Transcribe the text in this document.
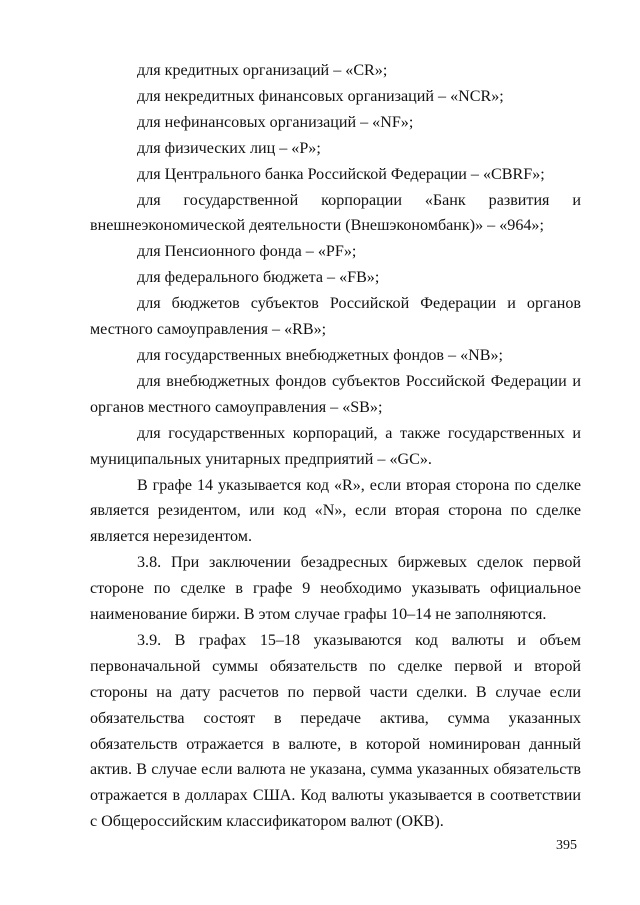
для кредитных организаций – «CR»;

для некредитных финансовых организаций – «NCR»;

для нефинансовых организаций – «NF»;

для физических лиц – «P»;

для Центрального банка Российской Федерации – «CBRF»;

для государственной корпорации «Банк развития и внешнеэкономической деятельности (Внешэкономбанк)» – «964»;

для Пенсионного фонда – «PF»;

для федерального бюджета – «FB»;

для бюджетов субъектов Российской Федерации и органов местного самоуправления – «RB»;

для государственных внебюджетных фондов – «NB»;

для внебюджетных фондов субъектов Российской Федерации и органов местного самоуправления – «SB»;

для государственных корпораций, а также государственных и муниципальных унитарных предприятий – «GC».

В графе 14 указывается код «R», если вторая сторона по сделке является резидентом, или код «N», если вторая сторона по сделке является нерезидентом.

3.8. При заключении безадресных биржевых сделок первой стороне по сделке в графе 9 необходимо указывать официальное наименование биржи. В этом случае графы 10–14 не заполняются.

3.9. В графах 15–18 указываются код валюты и объем первоначальной суммы обязательств по сделке первой и второй стороны на дату расчетов по первой части сделки. В случае если обязательства состоят в передаче актива, сумма указанных обязательств отражается в валюте, в которой номинирован данный актив. В случае если валюта не указана, сумма указанных обязательств отражается в долларах США. Код валюты указывается в соответствии с Общероссийским классификатором валют (ОКВ).

395
